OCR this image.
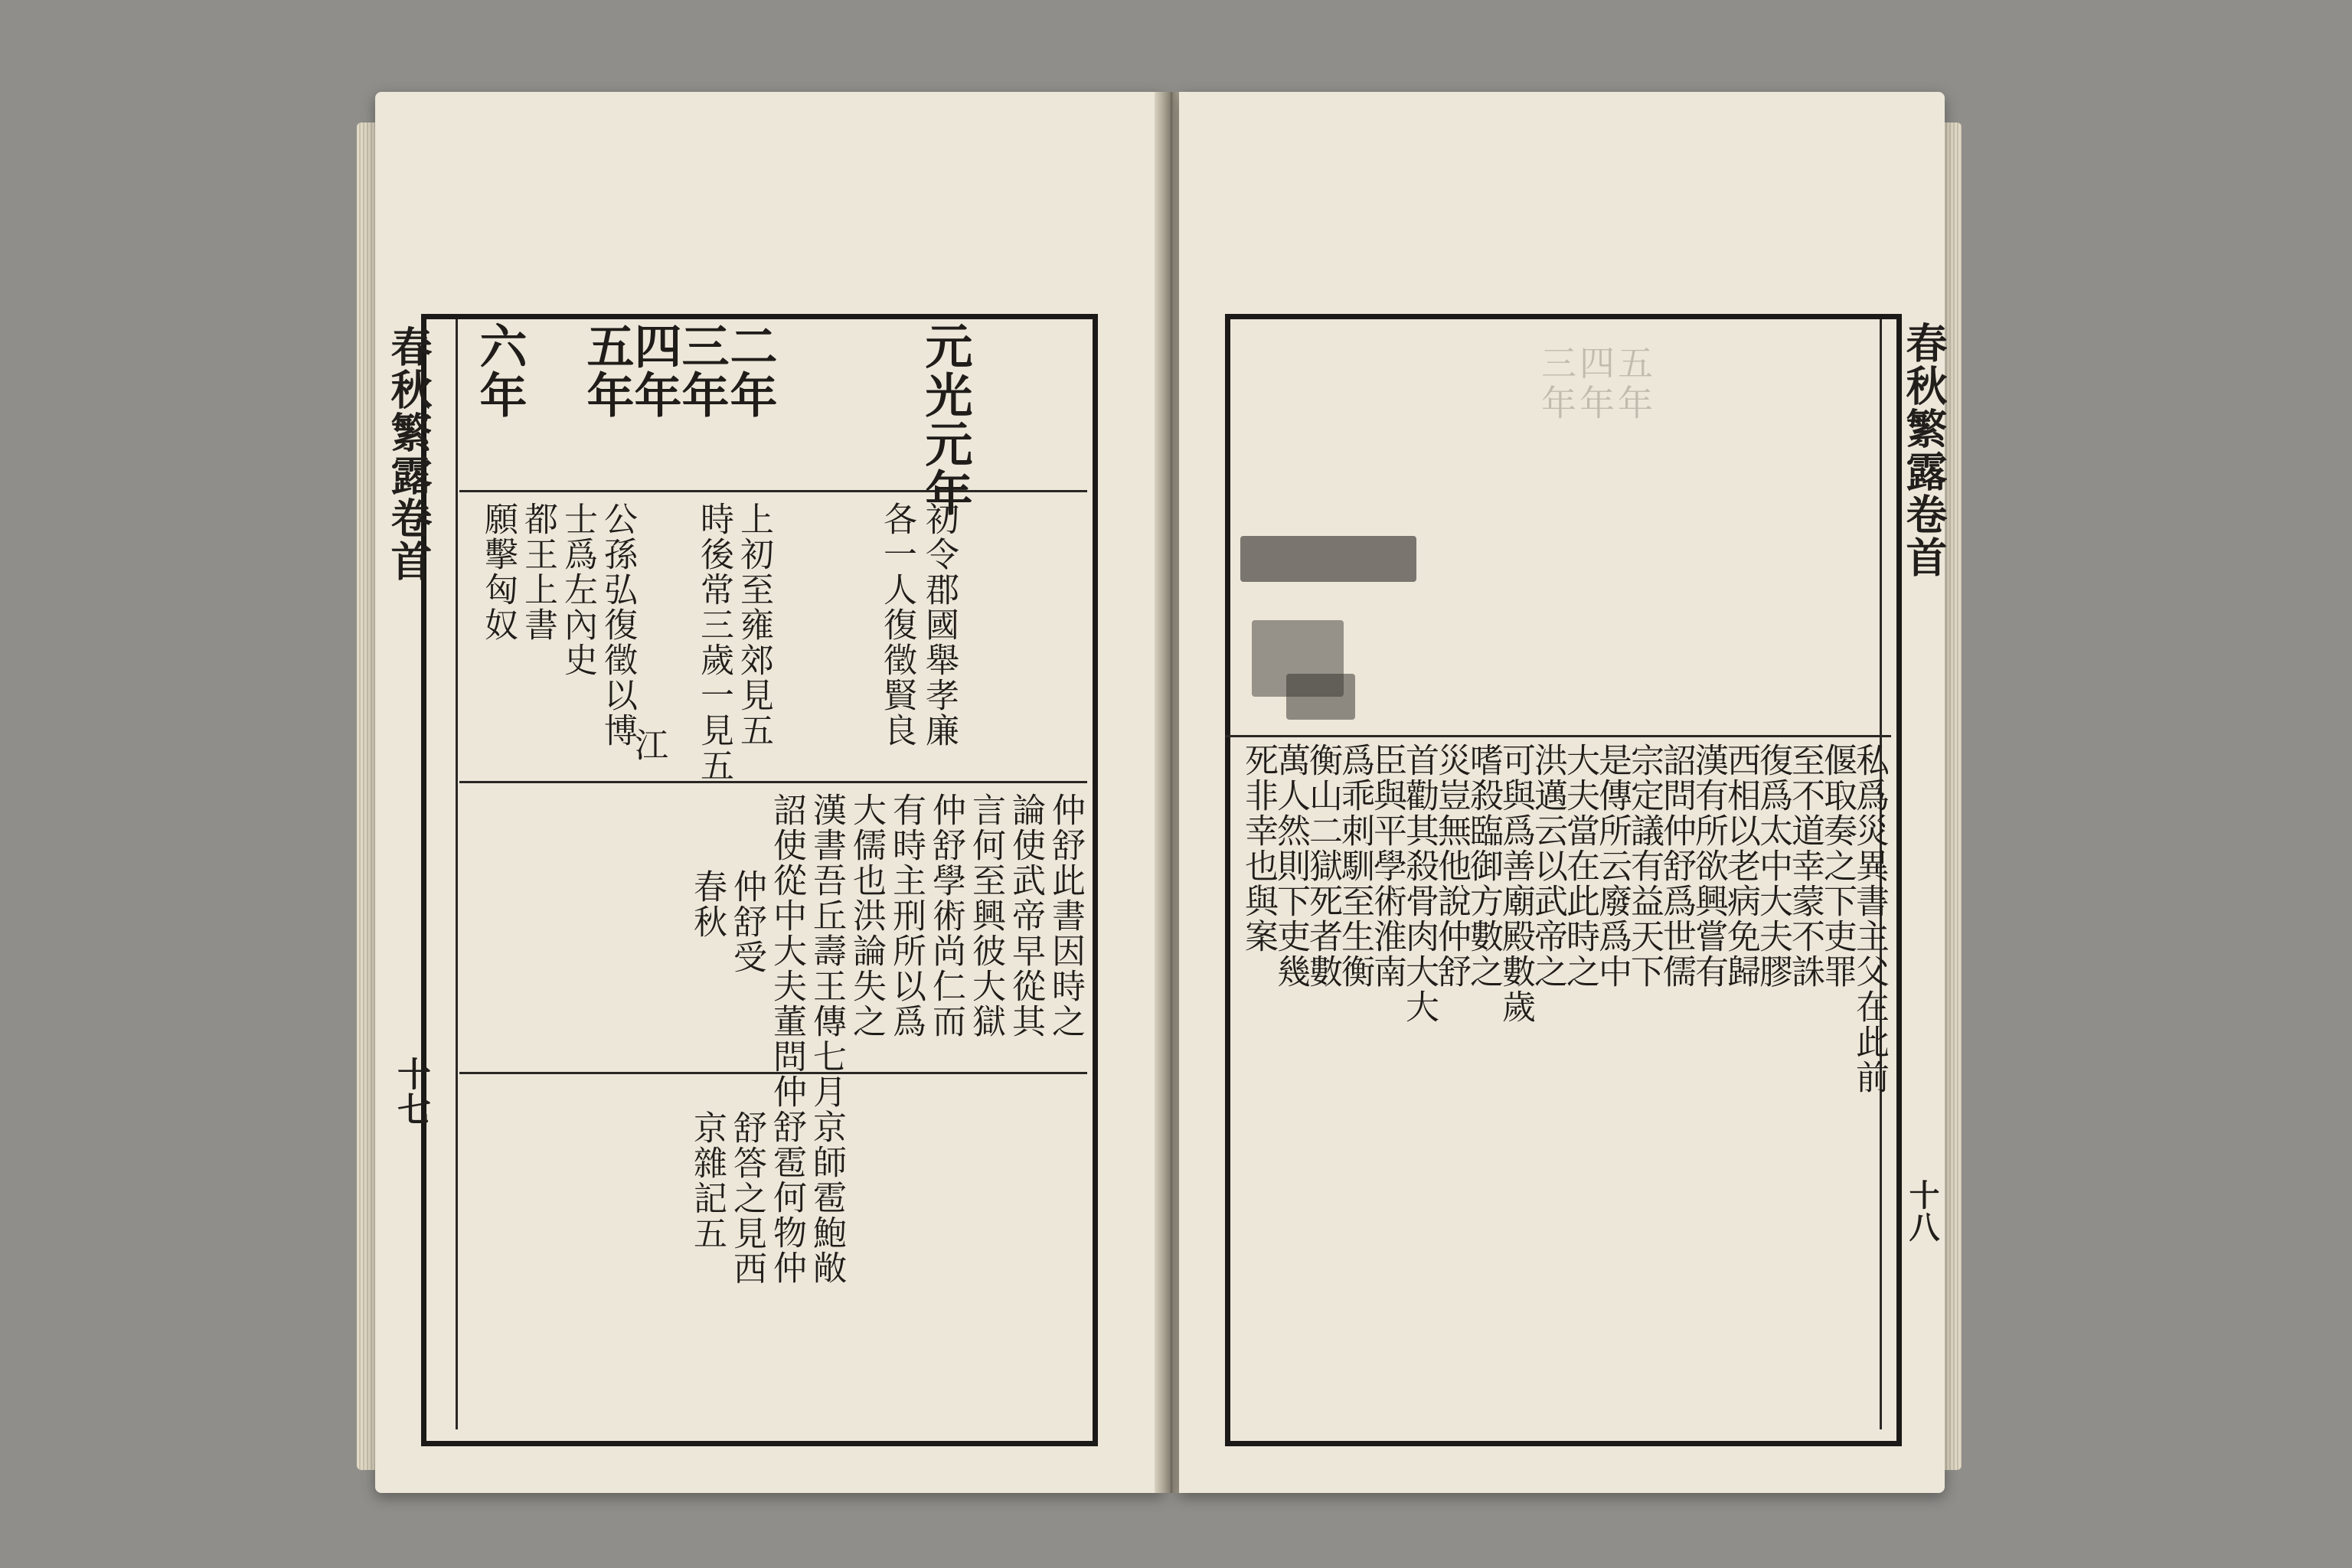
春秋繁露卷首
十七
元光元年
二年
三年
四年
五年
六年
初令郡國舉孝廉
各一人復徵賢良
上初至雍郊見五
時後常三歲一見五
公孫弘復徵以博
士爲左內史
都王上書
願擊匈奴
江
仲舒此書因時之
論使武帝早從其
言何至興彼大獄
仲舒學術尚仁而
有時主刑所以爲
大儒也洪論失之
漢書吾丘壽王傳七月京師雹鮑敞
詔使從中大夫董問仲舒雹何物仲
仲舒受
春秋
舒答之見西
京雜記五
春秋繁露卷首
十八
五年
四年
三年
私爲災異書主父在此前
偃取奏之下吏罪
至不道幸蒙不誅
復爲太中大夫膠
西相以老病免歸
漢有所欲興嘗有
詔問仲舒爲世儒
宗定議有益天下
是傳所云廢爲中
大夫當在此時之
洪邁云以武帝之
可與爲善廟殿數歲
嗜殺臨御方數之
災豈無他說仲舒
首勸其殺骨肉大大
臣與平學術淮南
爲乖刺馴至生衡
衡山二獄死者數
萬人然則下吏幾
死非幸也與案
